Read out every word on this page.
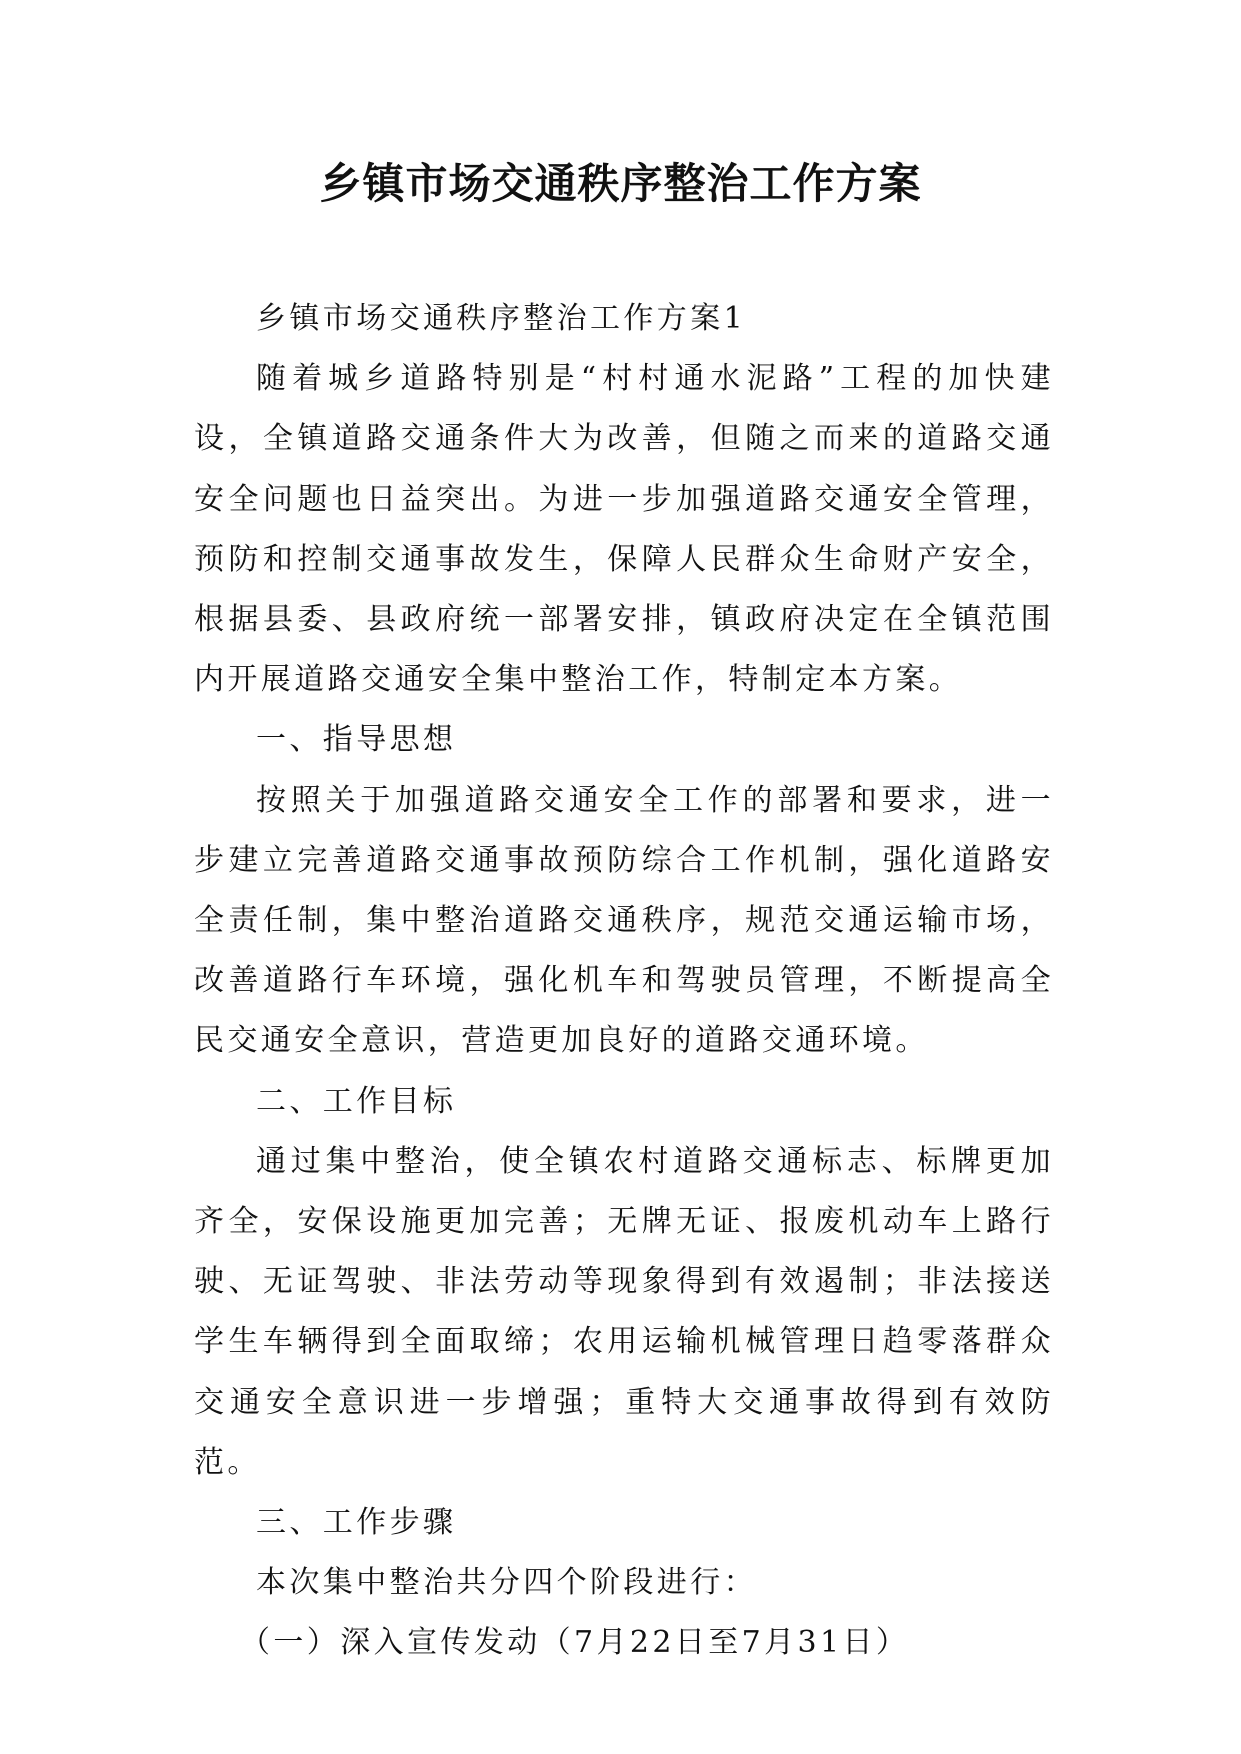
乡镇市场交通秩序整治工作方案

乡镇市场交通秩序整治工作方案1

随着城乡道路特别是“村村通水泥路”工程的加快建设，全镇道路交通条件大为改善，但随之而来的道路交通安全问题也日益突出。为进一步加强道路交通安全管理，预防和控制交通事故发生，保障人民群众生命财产安全，根据县委、县政府统一部署安排，镇政府决定在全镇范围内开展道路交通安全集中整治工作，特制定本方案。

一、指导思想

按照关于加强道路交通安全工作的部署和要求，进一步建立完善道路交通事故预防综合工作机制，强化道路安全责任制，集中整治道路交通秩序，规范交通运输市场，改善道路行车环境，强化机车和驾驶员管理，不断提高全民交通安全意识，营造更加良好的道路交通环境。

二、工作目标

通过集中整治，使全镇农村道路交通标志、标牌更加齐全，安保设施更加完善；无牌无证、报废机动车上路行驶、无证驾驶、非法劳动等现象得到有效遏制；非法接送学生车辆得到全面取缔；农用运输机械管理日趋零落群众交通安全意识进一步增强；重特大交通事故得到有效防范。

三、工作步骤

本次集中整治共分四个阶段进行：

（一）深入宣传发动（7月22日至7月31日）
